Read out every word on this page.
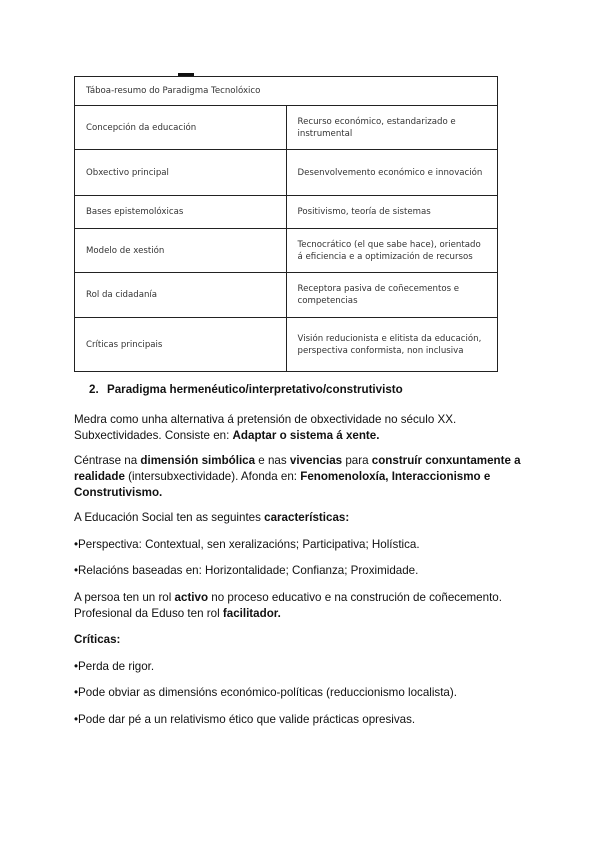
Táboa-resumo do Paradigma Tecnolóxico	
Concepción da educación	Recurso económico, estandarizado e instrumental
Obxectivo principal	Desenvolvemento económico e innovación
Bases epistemolóxicas	Positivismo, teoría de sistemas
Modelo de xestión	Tecnocrático (el que sabe hace), orientado á eficiencia e a optimización de recursos
Rol da cidadanía	Receptora pasiva de coñecementos e competencias
Críticas principais	Visión reducionista e elitista da educación, perspectiva conformista, non inclusiva
2. Paradigma hermenéutico/interpretativo/construtivisto
Medra como unha alternativa á pretensión de obxectividade no século XX. Subxectividades. Consiste en: Adaptar o sistema á xente.
Céntrase na dimensión simbólica e nas vivencias para construír conxuntamente a realidade (intersubxectividade). Afonda en: Fenomenoloxía, Interaccionismo e Construtivismo.
A Educación Social ten as seguintes características:
•Perspectiva: Contextual, sen xeralizacións; Participativa; Holística.
•Relacións baseadas en: Horizontalidade; Confianza; Proximidade.
A persoa ten un rol activo no proceso educativo e na construción de coñecemento. Profesional da Eduso ten rol facilitador.
Críticas:
•Perda de rigor.
•Pode obviar as dimensións económico-políticas (reduccionismo localista).
•Pode dar pé a un relativismo ético que valide prácticas opresivas.
